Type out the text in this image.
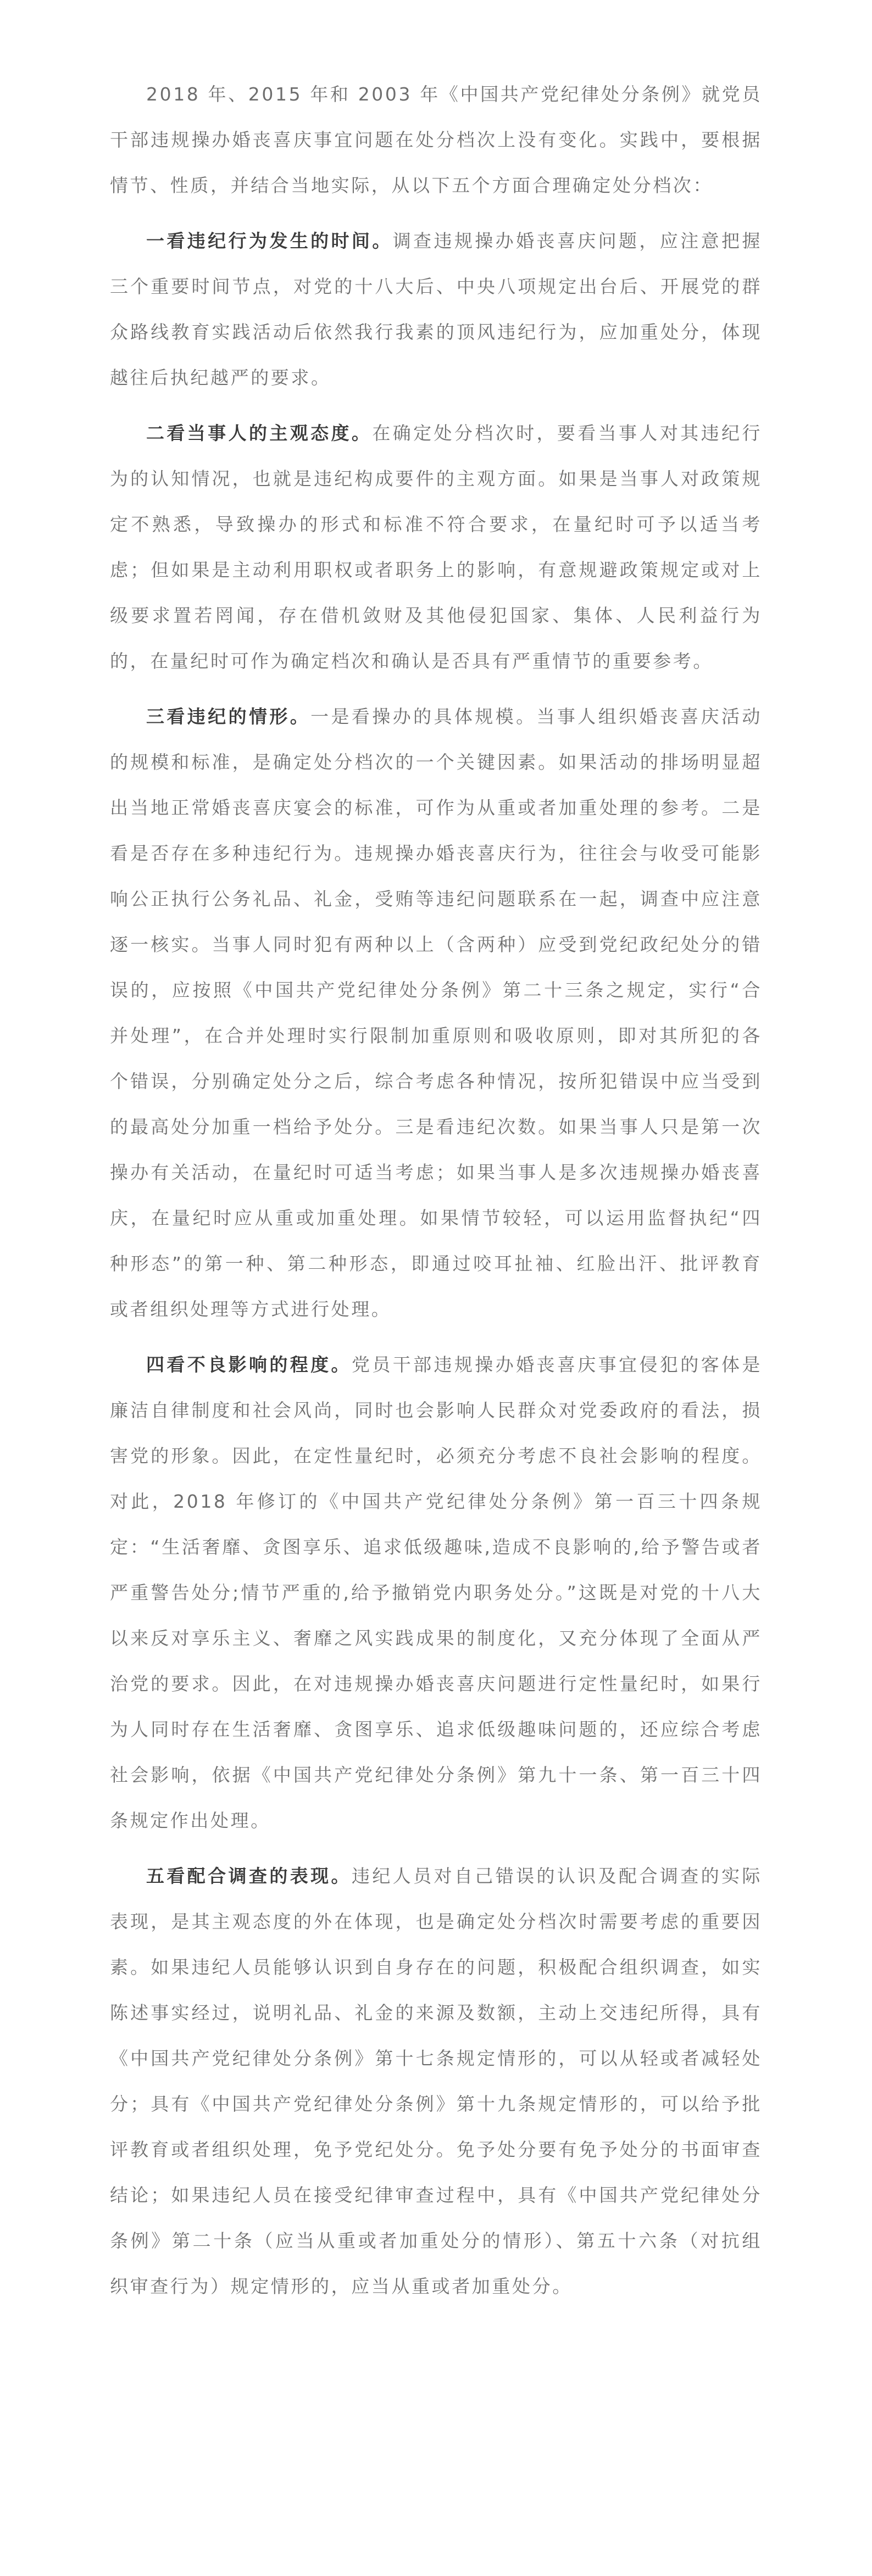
2018 年、2015 年和 2003 年《中国共产党纪律处分条例》就党员干部违规操办婚丧喜庆事宜问题在处分档次上没有变化。实践中，要根据情节、性质，并结合当地实际，从以下五个方面合理确定处分档次：

一看违纪行为发生的时间。调查违规操办婚丧喜庆问题，应注意把握三个重要时间节点，对党的十八大后、中央八项规定出台后、开展党的群众路线教育实践活动后依然我行我素的顶风违纪行为，应加重处分，体现越往后执纪越严的要求。

二看当事人的主观态度。在确定处分档次时，要看当事人对其违纪行为的认知情况，也就是违纪构成要件的主观方面。如果是当事人对政策规定不熟悉，导致操办的形式和标准不符合要求，在量纪时可予以适当考虑；但如果是主动利用职权或者职务上的影响，有意规避政策规定或对上级要求置若罔闻，存在借机敛财及其他侵犯国家、集体、人民利益行为的，在量纪时可作为确定档次和确认是否具有严重情节的重要参考。

三看违纪的情形。一是看操办的具体规模。当事人组织婚丧喜庆活动的规模和标准，是确定处分档次的一个关键因素。如果活动的排场明显超出当地正常婚丧喜庆宴会的标准，可作为从重或者加重处理的参考。二是看是否存在多种违纪行为。违规操办婚丧喜庆行为，往往会与收受可能影响公正执行公务礼品、礼金，受贿等违纪问题联系在一起，调查中应注意逐一核实。当事人同时犯有两种以上（含两种）应受到党纪政纪处分的错误的，应按照《中国共产党纪律处分条例》第二十三条之规定，实行“合并处理”，在合并处理时实行限制加重原则和吸收原则，即对其所犯的各个错误，分别确定处分之后，综合考虑各种情况，按所犯错误中应当受到的最高处分加重一档给予处分。三是看违纪次数。如果当事人只是第一次操办有关活动，在量纪时可适当考虑；如果当事人是多次违规操办婚丧喜庆，在量纪时应从重或加重处理。如果情节较轻，可以运用监督执纪“四种形态”的第一种、第二种形态，即通过咬耳扯袖、红脸出汗、批评教育或者组织处理等方式进行处理。

四看不良影响的程度。党员干部违规操办婚丧喜庆事宜侵犯的客体是廉洁自律制度和社会风尚，同时也会影响人民群众对党委政府的看法，损害党的形象。因此，在定性量纪时，必须充分考虑不良社会影响的程度。对此，2018 年修订的《中国共产党纪律处分条例》第一百三十四条规定：“生活奢靡、贪图享乐、追求低级趣味,造成不良影响的,给予警告或者严重警告处分;情节严重的,给予撤销党内职务处分。”这既是对党的十八大以来反对享乐主义、奢靡之风实践成果的制度化，又充分体现了全面从严治党的要求。因此，在对违规操办婚丧喜庆问题进行定性量纪时，如果行为人同时存在生活奢靡、贪图享乐、追求低级趣味问题的，还应综合考虑社会影响，依据《中国共产党纪律处分条例》第九十一条、第一百三十四条规定作出处理。

五看配合调查的表现。违纪人员对自己错误的认识及配合调查的实际表现，是其主观态度的外在体现，也是确定处分档次时需要考虑的重要因素。如果违纪人员能够认识到自身存在的问题，积极配合组织调查，如实陈述事实经过，说明礼品、礼金的来源及数额，主动上交违纪所得，具有《中国共产党纪律处分条例》第十七条规定情形的，可以从轻或者减轻处分；具有《中国共产党纪律处分条例》第十九条规定情形的，可以给予批评教育或者组织处理，免予党纪处分。免予处分要有免予处分的书面审查结论；如果违纪人员在接受纪律审查过程中，具有《中国共产党纪律处分条例》第二十条（应当从重或者加重处分的情形）、第五十六条（对抗组织审查行为）规定情形的，应当从重或者加重处分。
